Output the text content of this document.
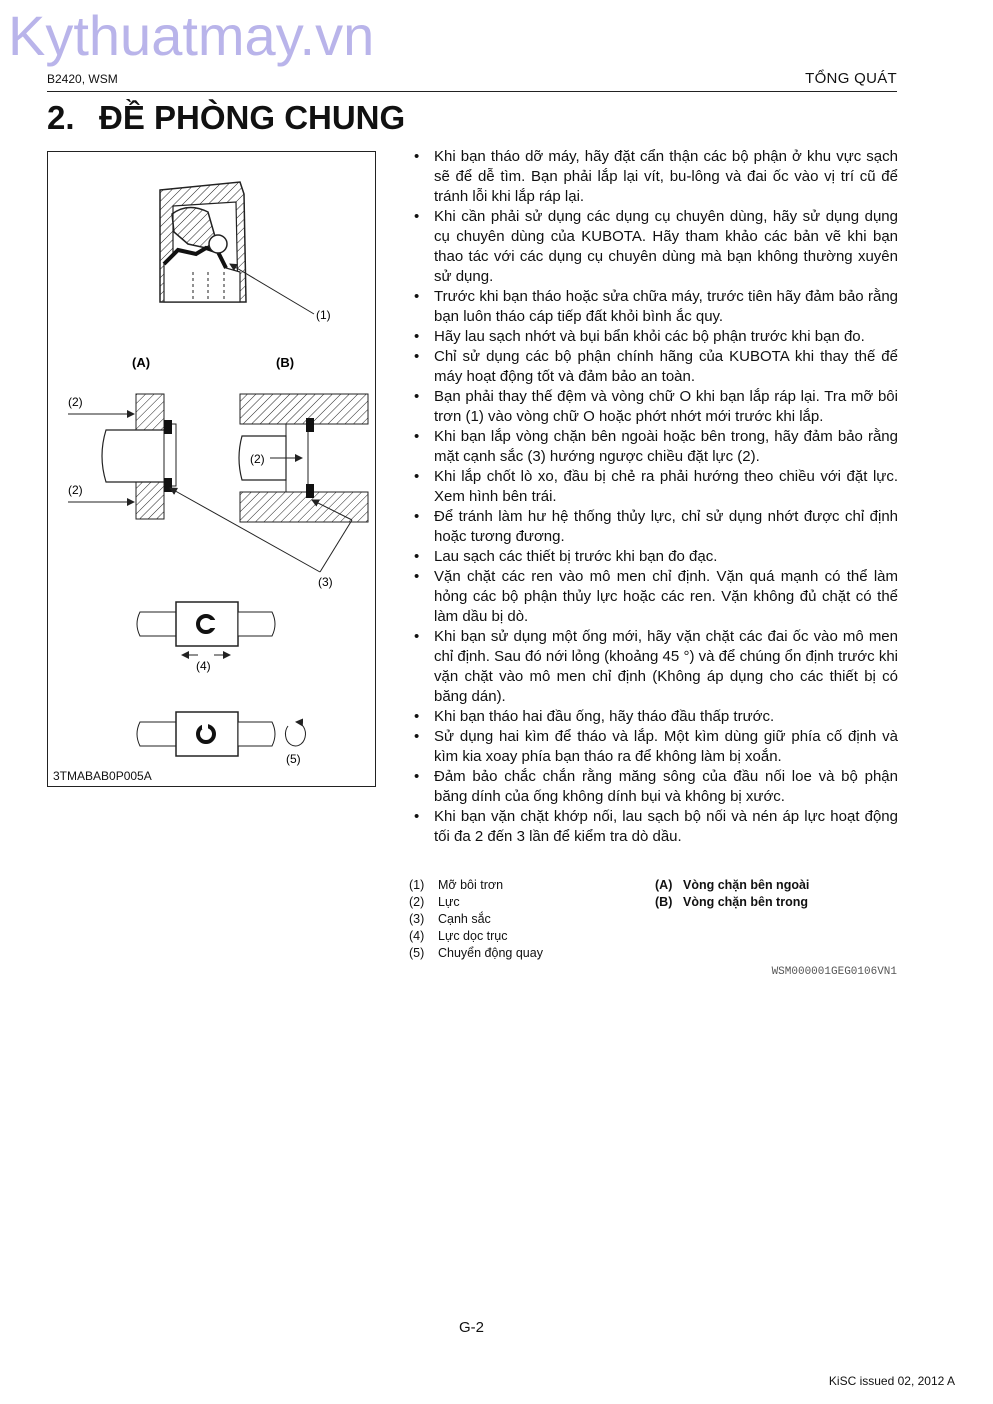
Kythuatmay.vn
B2420, WSM	TỔNG QUÁT
2. ĐỀ PHÒNG CHUNG
(1)
(A)	(B)
(2)
(2)
(2)
(3)
(4)
(5)
3TMABAB0P005A
• Khi bạn tháo dỡ máy, hãy đặt cẩn thận các bộ phận ở khu vực sạch sẽ để dễ tìm. Bạn phải lắp lại vít, bu-lông và đai ốc vào vị trí cũ để tránh lỗi khi lắp ráp lại.
• Khi cần phải sử dụng các dụng cụ chuyên dùng, hãy sử dụng dụng cụ chuyên dùng của KUBOTA. Hãy tham khảo các bản vẽ khi bạn thao tác với các dụng cụ chuyên dùng mà bạn không thường xuyên sử dụng.
• Trước khi bạn tháo hoặc sửa chữa máy, trước tiên hãy đảm bảo rằng bạn luôn tháo cáp tiếp đất khỏi bình ắc quy.
• Hãy lau sạch nhớt và bụi bẩn khỏi các bộ phận trước khi bạn đo.
• Chỉ sử dụng các bộ phận chính hãng của KUBOTA khi thay thế để máy hoạt động tốt và đảm bảo an toàn.
• Bạn phải thay thế đệm và vòng chữ O khi bạn lắp ráp lại. Tra mỡ bôi trơn (1) vào vòng chữ O hoặc phớt nhớt mới trước khi lắp.
• Khi bạn lắp vòng chặn bên ngoài hoặc bên trong, hãy đảm bảo rằng mặt cạnh sắc (3) hướng ngược chiều đặt lực (2).
• Khi lắp chốt lò xo, đầu bị chẻ ra phải hướng theo chiều với đặt lực. Xem hình bên trái.
• Để tránh làm hư hệ thống thủy lực, chỉ sử dụng nhớt được chỉ định hoặc tương đương.
• Lau sạch các thiết bị trước khi bạn đo đạc.
• Vặn chặt các ren vào mô men chỉ định. Vặn quá mạnh có thể làm hỏng các bộ phận thủy lực hoặc các ren. Vặn không đủ chặt có thể làm dầu bị dò.
• Khi bạn sử dụng một ống mới, hãy vặn chặt các đai ốc vào mô men chỉ định. Sau đó nới lỏng (khoảng 45 °) và để chúng ổn định trước khi vặn chặt vào mô men chỉ định (Không áp dụng cho các thiết bị có băng dán).
• Khi bạn tháo hai đầu ống, hãy tháo đầu thấp trước.
• Sử dụng hai kìm để tháo và lắp. Một kìm dùng giữ phía cố định và kìm kia xoay phía bạn tháo ra để không làm bị xoắn.
• Đảm bảo chắc chắn rằng măng sông của đầu nối loe và bộ phận băng dính của ống không dính bụi và không bị xước.
• Khi bạn vặn chặt khớp nối, lau sạch bộ nối và nén áp lực hoạt động tối đa 2 đến 3 lần để kiểm tra dò dầu.
(1)	Mỡ bôi trơn
(2)	Lực
(3)	Cạnh sắc
(4)	Lực dọc trục
(5)	Chuyển động quay
(A) Vòng chặn bên ngoài
(B) Vòng chặn bên trong
WSM000001GEG0106VN1
G-2
KiSC issued 02, 2012 A
